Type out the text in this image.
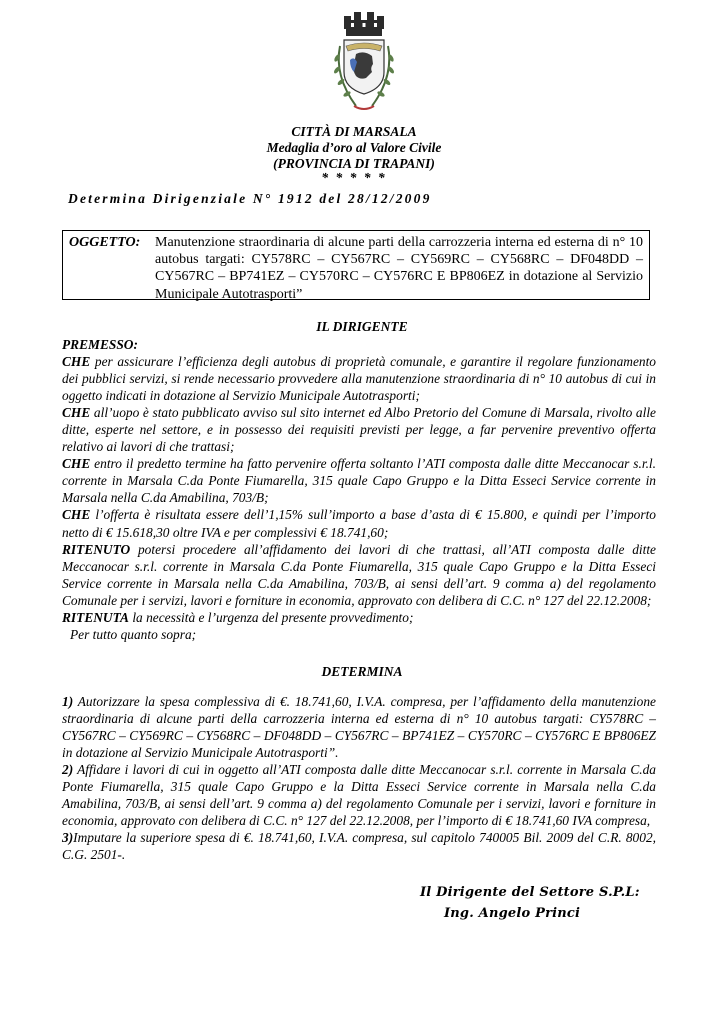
CITTÀ DI MARSALA
Medaglia d’oro al Valore Civile
(PROVINCIA DI TRAPANI)
* * * * *
Determina Dirigenziale N° 1912 del 28/12/2009
OGGETTO: Manutenzione straordinaria di alcune parti della carrozzeria interna ed esterna di n° 10 autobus targati: CY578RC – CY567RC – CY569RC – CY568RC – DF048DD – CY567RC – BP741EZ – CY570RC – CY576RC E BP806EZ in dotazione al Servizio Municipale Autotrasporti”
IL DIRIGENTE

PREMESSO:

CHE per assicurare l’efficienza degli autobus di proprietà comunale, e garantire il regolare funzionamento dei pubblici servizi, si rende necessario provvedere alla manutenzione straordinaria di n° 10 autobus di cui in oggetto indicati in dotazione al Servizio Municipale Autotrasporti;

CHE all’uopo è stato pubblicato avviso sul sito internet ed Albo Pretorio del Comune di Marsala, rivolto alle ditte, esperte nel settore, e in possesso dei requisiti previsti per legge, a far pervenire preventivo offerta relativo ai lavori di che trattasi;

CHE entro il predetto termine ha fatto pervenire offerta soltanto l’ATI composta dalle ditte Meccanocar s.r.l. corrente in Marsala C.da Ponte Fiumarella, 315 quale Capo Gruppo e la Ditta Esseci Service corrente in Marsala nella C.da Amabilina, 703/B;

CHE l’offerta è risultata essere dell’1,15% sull’importo a base d’asta di € 15.800, e quindi per l’importo netto di € 15.618,30 oltre IVA e per complessivi € 18.741,60;

RITENUTO potersi procedere all’affidamento dei lavori di che trattasi, all’ATI composta dalle ditte Meccanocar s.r.l. corrente in Marsala C.da Ponte Fiumarella, 315 quale Capo Gruppo e la Ditta Esseci Service corrente in Marsala nella C.da Amabilina, 703/B, ai sensi dell’art. 9 comma a) del regolamento Comunale per i servizi, lavori e forniture in economia, approvato con delibera di C.C. n° 127 del 22.12.2008;

RITENUTA la necessità e l’urgenza del presente provvedimento;

Per tutto quanto sopra;

DETERMINA

1) Autorizzare la spesa complessiva di €. 18.741,60, I.V.A. compresa, per l’affidamento della manutenzione straordinaria di alcune parti della carrozzeria interna ed esterna di n° 10 autobus targati: CY578RC – CY567RC – CY569RC – CY568RC – DF048DD – CY567RC – BP741EZ – CY570RC – CY576RC E BP806EZ in dotazione al Servizio Municipale Autotrasporti”.

2) Affidare i lavori di cui in oggetto all’ATI composta dalle ditte Meccanocar s.r.l. corrente in Marsala C.da Ponte Fiumarella, 315 quale Capo Gruppo e la Ditta Esseci Service corrente in Marsala nella C.da Amabilina, 703/B, ai sensi dell’art. 9 comma a) del regolamento Comunale per i servizi, lavori e forniture in economia, approvato con delibera di C.C. n° 127 del 22.12.2008, per l’importo di € 18.741,60 IVA compresa,

3)Imputare la superiore spesa di €. 18.741,60, I.V.A. compresa, sul capitolo 740005 Bil. 2009 del C.R. 8002, C.G. 2501-.

Il Dirigente del Settore S.P.L:
Ing. Angelo Princi
